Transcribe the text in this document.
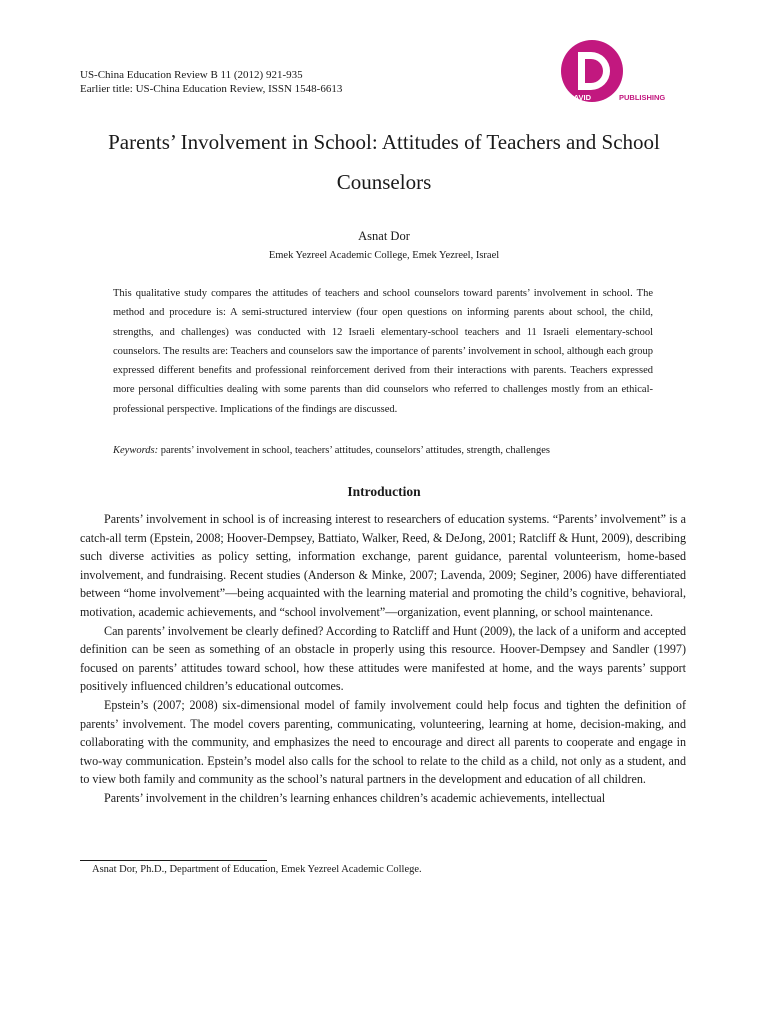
US-China Education Review B 11 (2012) 921-935
Earlier title: US-China Education Review, ISSN 1548-6613
DAVID	PUBLISHING
Parents’ Involvement in School: Attitudes of Teachers and School Counselors
Asnat Dor
Emek Yezreel Academic College, Emek Yezreel, Israel

This qualitative study compares the attitudes of teachers and school counselors toward parents’ involvement in school. The method and procedure is: A semi-structured interview (four open questions on informing parents about school, the child, strengths, and challenges) was conducted with 12 Israeli elementary-school teachers and 11 Israeli elementary-school counselors. The results are: Teachers and counselors saw the importance of parents’ involvement in school, although each group expressed different benefits and professional reinforcement derived from their interactions with parents. Teachers expressed more personal difficulties dealing with some parents than did counselors who referred to challenges mostly from an ethical-professional perspective. Implications of the findings are discussed.

Keywords: parents’ involvement in school, teachers’ attitudes, counselors’ attitudes, strength, challenges
Introduction

Parents’ involvement in school is of increasing interest to researchers of education systems. “Parents’ involvement” is a catch-all term (Epstein, 2008; Hoover-Dempsey, Battiato, Walker, Reed, & DeJong, 2001; Ratcliff & Hunt, 2009), describing such diverse activities as policy setting, information exchange, parent guidance, parental volunteerism, home-based involvement, and fundraising. Recent studies (Anderson & Minke, 2007; Lavenda, 2009; Seginer, 2006) have differentiated between “home involvement”—being acquainted with the learning material and promoting the child’s cognitive, behavioral, motivation, academic achievements, and “school involvement”—organization, event planning, or school maintenance.

Can parents’ involvement be clearly defined? According to Ratcliff and Hunt (2009), the lack of a uniform and accepted definition can be seen as something of an obstacle in properly using this resource. Hoover-Dempsey and Sandler (1997) focused on parents’ attitudes toward school, how these attitudes were manifested at home, and the ways parents’ support positively influenced children’s educational outcomes.

Epstein’s (2007; 2008) six-dimensional model of family involvement could help focus and tighten the definition of parents’ involvement. The model covers parenting, communicating, volunteering, learning at home, decision-making, and collaborating with the community, and emphasizes the need to encourage and direct all parents to cooperate and engage in two-way communication. Epstein’s model also calls for the school to relate to the child as a child, not only as a student, and to view both family and community as the school’s natural partners in the development and education of all children.

Parents’ involvement in the children’s learning enhances children’s academic achievements, intellectual

Asnat Dor, Ph.D., Department of Education, Emek Yezreel Academic College.
